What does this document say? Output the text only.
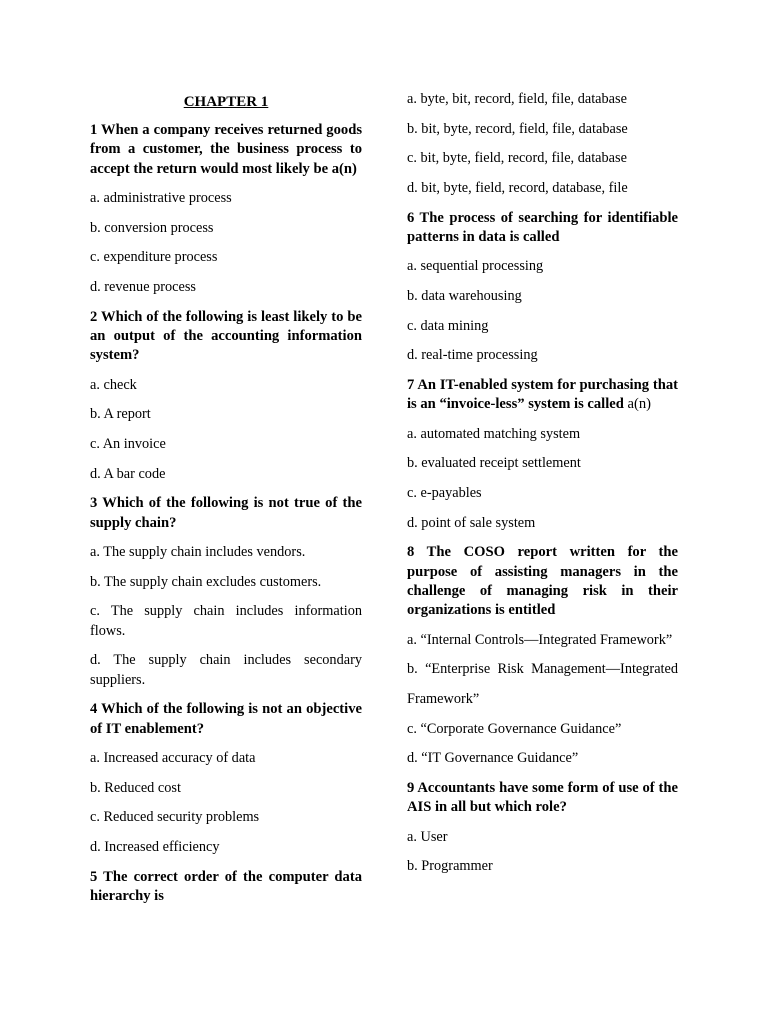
CHAPTER 1
1 When a company receives returned goods from a customer, the business process to accept the return would most likely be a(n)
a. administrative process
b. conversion process
c. expenditure process
d. revenue process
2 Which of the following is least likely to be an output of the accounting information system?
a. check
b. A report
c. An invoice
d. A bar code
3 Which of the following is not true of the supply chain?
a. The supply chain includes vendors.
b. The supply chain excludes customers.
c. The supply chain includes information flows.
d. The supply chain includes secondary suppliers.
4 Which of the following is not an objective of IT enablement?
a. Increased accuracy of data
b. Reduced cost
c. Reduced security problems
d. Increased efficiency
5 The correct order of the computer data hierarchy is
a. byte, bit, record, field, file, database
b. bit, byte, record, field, file, database
c. bit, byte, field, record, file, database
d. bit, byte, field, record, database, file
6 The process of searching for identifiable patterns in data is called
a. sequential processing
b. data warehousing
c. data mining
d. real-time processing
7 An IT-enabled system for purchasing that is an “invoice-less” system is called a(n)
a. automated matching system
b. evaluated receipt settlement
c. e-payables
d. point of sale system
8 The COSO report written for the purpose of assisting managers in the challenge of managing risk in their organizations is entitled
a. “Internal Controls—Integrated Framework”
b. “Enterprise Risk Management—Integrated
Framework”
c. “Corporate Governance Guidance”
d. “IT Governance Guidance”
9 Accountants have some form of use of the AIS in all but which role?
a. User
b. Programmer
